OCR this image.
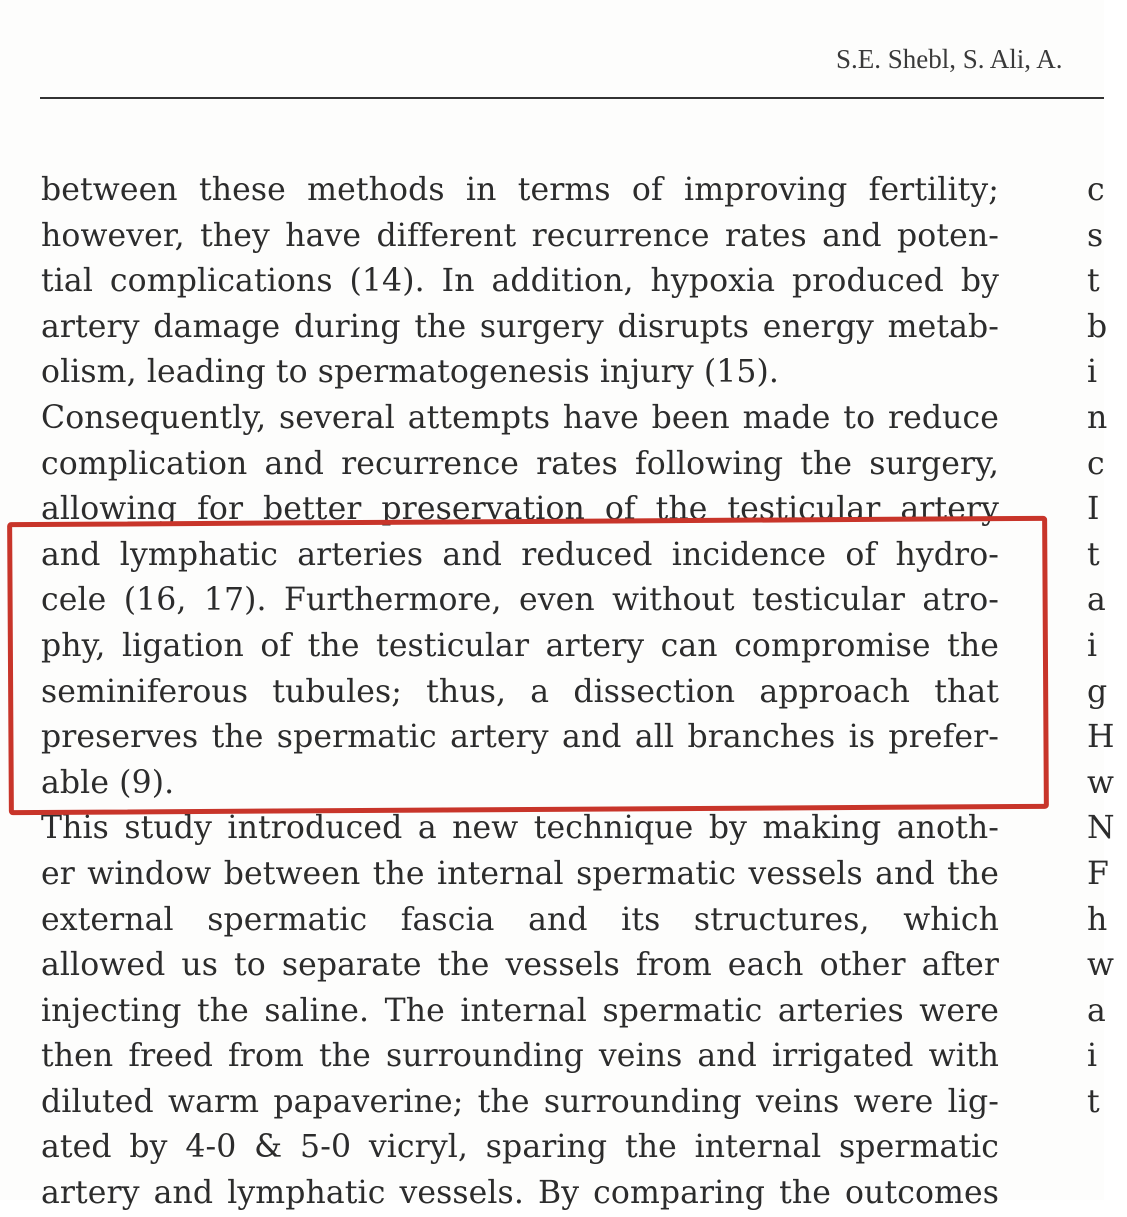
S.E. Shebl, S. Ali, A.
between these methods in terms of improving fertility;
however, they have different recurrence rates and poten-
tial complications (14). In addition, hypoxia produced by
artery damage during the surgery disrupts energy metab-
olism, leading to spermatogenesis injury (15).
Consequently, several attempts have been made to reduce
complication and recurrence rates following the surgery,
allowing for better preservation of the testicular artery
and lymphatic arteries and reduced incidence of hydro-
cele (16, 17). Furthermore, even without testicular atro-
phy, ligation of the testicular artery can compromise the
seminiferous tubules; thus, a dissection approach that
preserves the spermatic artery and all branches is prefer-
able (9).
This study introduced a new technique by making anoth-
er window between the internal spermatic vessels and the
external spermatic fascia and its structures, which
allowed us to separate the vessels from each other after
injecting the saline. The internal spermatic arteries were
then freed from the surrounding veins and irrigated with
diluted warm papaverine; the surrounding veins were lig-
ated by 4-0 & 5-0 vicryl, sparing the internal spermatic
artery and lymphatic vessels. By comparing the outcomes
c
s
t
b
i
n
c
I
t
a
i
g
H
w
N
F
h
w
a
i
t
